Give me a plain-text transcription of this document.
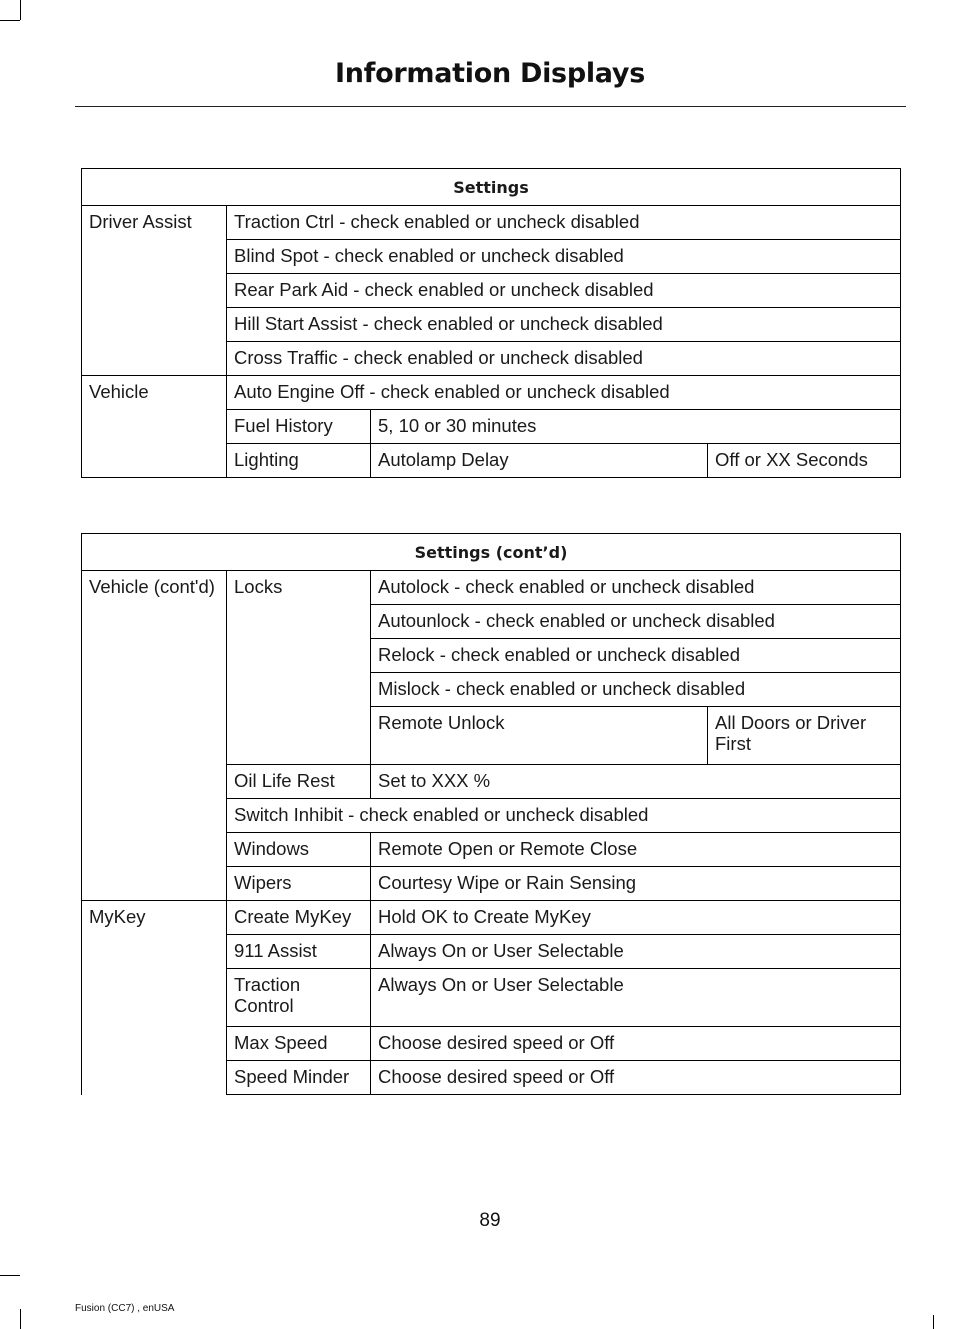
Information Displays
Settings			
Driver Assist	Traction Ctrl - check enabled or uncheck disabled		
	Blind Spot - check enabled or uncheck disabled		
	Rear Park Aid - check enabled or uncheck disabled		
	Hill Start Assist - check enabled or uncheck disabled		
	Cross Traffic - check enabled or uncheck disabled		
Vehicle	Auto Engine Off - check enabled or uncheck disabled		
	Fuel History	5, 10 or 30 minutes	
	Lighting	Autolamp Delay	Off or XX Seconds
Settings (cont’d)			
Vehicle (cont'd)	Locks	Autolock - check enabled or uncheck disabled	
		Autounlock - check enabled or uncheck disabled	
		Relock - check enabled or uncheck disabled	
		Mislock - check enabled or uncheck disabled	
		Remote Unlock	All Doors or Driver First
	Oil Life Rest	Set to XXX %	
	Switch Inhibit - check enabled or uncheck disabled		
	Windows	Remote Open or Remote Close	
	Wipers	Courtesy Wipe or Rain Sensing	
MyKey	Create MyKey	Hold OK to Create MyKey	
	911 Assist	Always On or User Selectable	
	Traction Control	Always On or User Selectable	
	Max Speed	Choose desired speed or Off	
	Speed Minder	Choose desired speed or Off	
89
Fusion (CC7) , enUSA
